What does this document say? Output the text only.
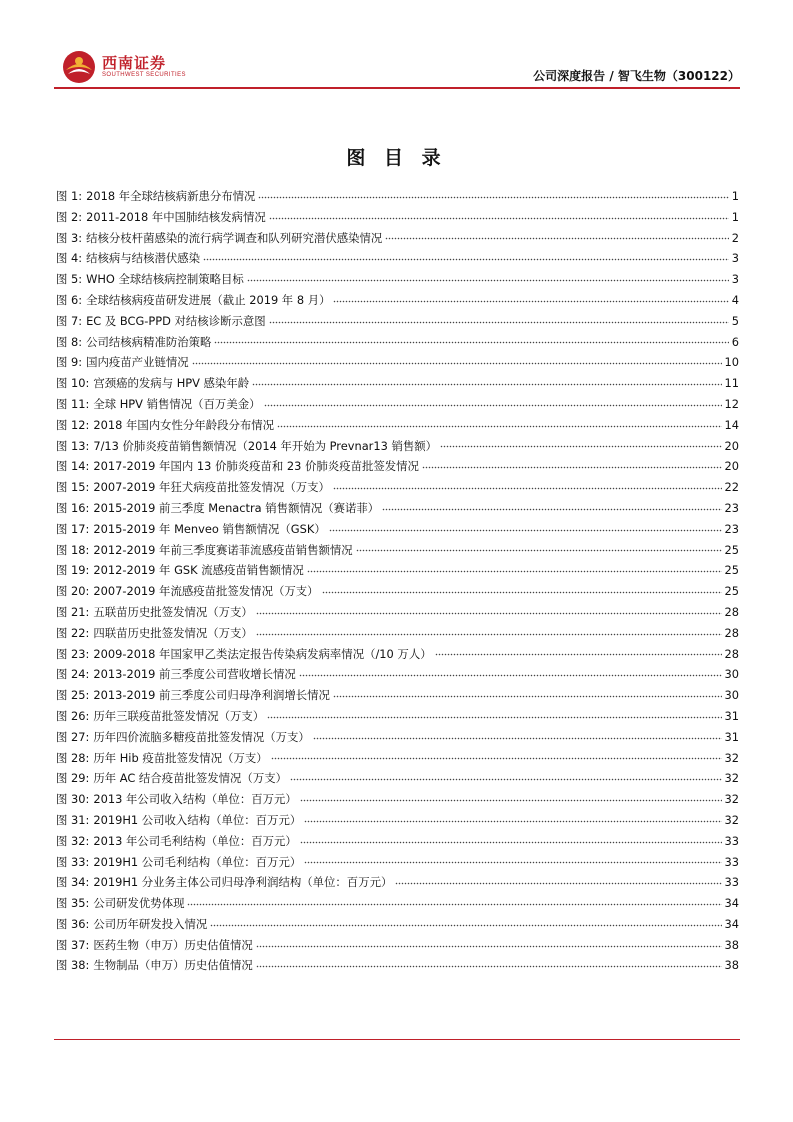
西南证券
SOUTHWEST SECURITIES	公司深度报告 / 智飞生物（300122）
图 目 录
图 1: 2018 年全球结核病新患分布情况	1
图 2: 2011-2018 年中国肺结核发病情况	1
图 3: 结核分枝杆菌感染的流行病学调查和队列研究潜伏感染情况	2
图 4: 结核病与结核潜伏感染	3
图 5: WHO 全球结核病控制策略目标	3
图 6: 全球结核病疫苗研发进展（截止 2019 年 8 月）	4
图 7: EC 及 BCG-PPD 对结核诊断示意图	5
图 8: 公司结核病精准防治策略	6
图 9: 国内疫苗产业链情况	10
图 10: 宫颈癌的发病与 HPV 感染年龄	11
图 11: 全球 HPV 销售情况（百万美金）	12
图 12: 2018 年国内女性分年龄段分布情况	14
图 13: 7/13 价肺炎疫苗销售额情况（2014 年开始为 Prevnar13 销售额）	20
图 14: 2017-2019 年国内 13 价肺炎疫苗和 23 价肺炎疫苗批签发情况	20
图 15: 2007-2019 年狂犬病疫苗批签发情况（万支）	22
图 16: 2015-2019 前三季度 Menactra 销售额情况（赛诺菲）	23
图 17: 2015-2019 年 Menveo 销售额情况（GSK）	23
图 18: 2012-2019 年前三季度赛诺菲流感疫苗销售额情况	25
图 19: 2012-2019 年 GSK 流感疫苗销售额情况	25
图 20: 2007-2019 年流感疫苗批签发情况（万支）	25
图 21: 五联苗历史批签发情况（万支）	28
图 22: 四联苗历史批签发情况（万支）	28
图 23: 2009-2018 年国家甲乙类法定报告传染病发病率情况（/10 万人）	28
图 24: 2013-2019 前三季度公司营收增长情况	30
图 25: 2013-2019 前三季度公司归母净利润增长情况	30
图 26: 历年三联疫苗批签发情况（万支）	31
图 27: 历年四价流脑多糖疫苗批签发情况（万支）	31
图 28: 历年 Hib 疫苗批签发情况（万支）	32
图 29: 历年 AC 结合疫苗批签发情况（万支）	32
图 30: 2013 年公司收入结构（单位：百万元）	32
图 31: 2019H1 公司收入结构（单位：百万元）	32
图 32: 2013 年公司毛利结构（单位：百万元）	33
图 33: 2019H1 公司毛利结构（单位：百万元）	33
图 34: 2019H1 分业务主体公司归母净利润结构（单位：百万元）	33
图 35: 公司研发优势体现	34
图 36: 公司历年研发投入情况	34
图 37: 医药生物（申万）历史估值情况	38
图 38: 生物制品（申万）历史估值情况	38
